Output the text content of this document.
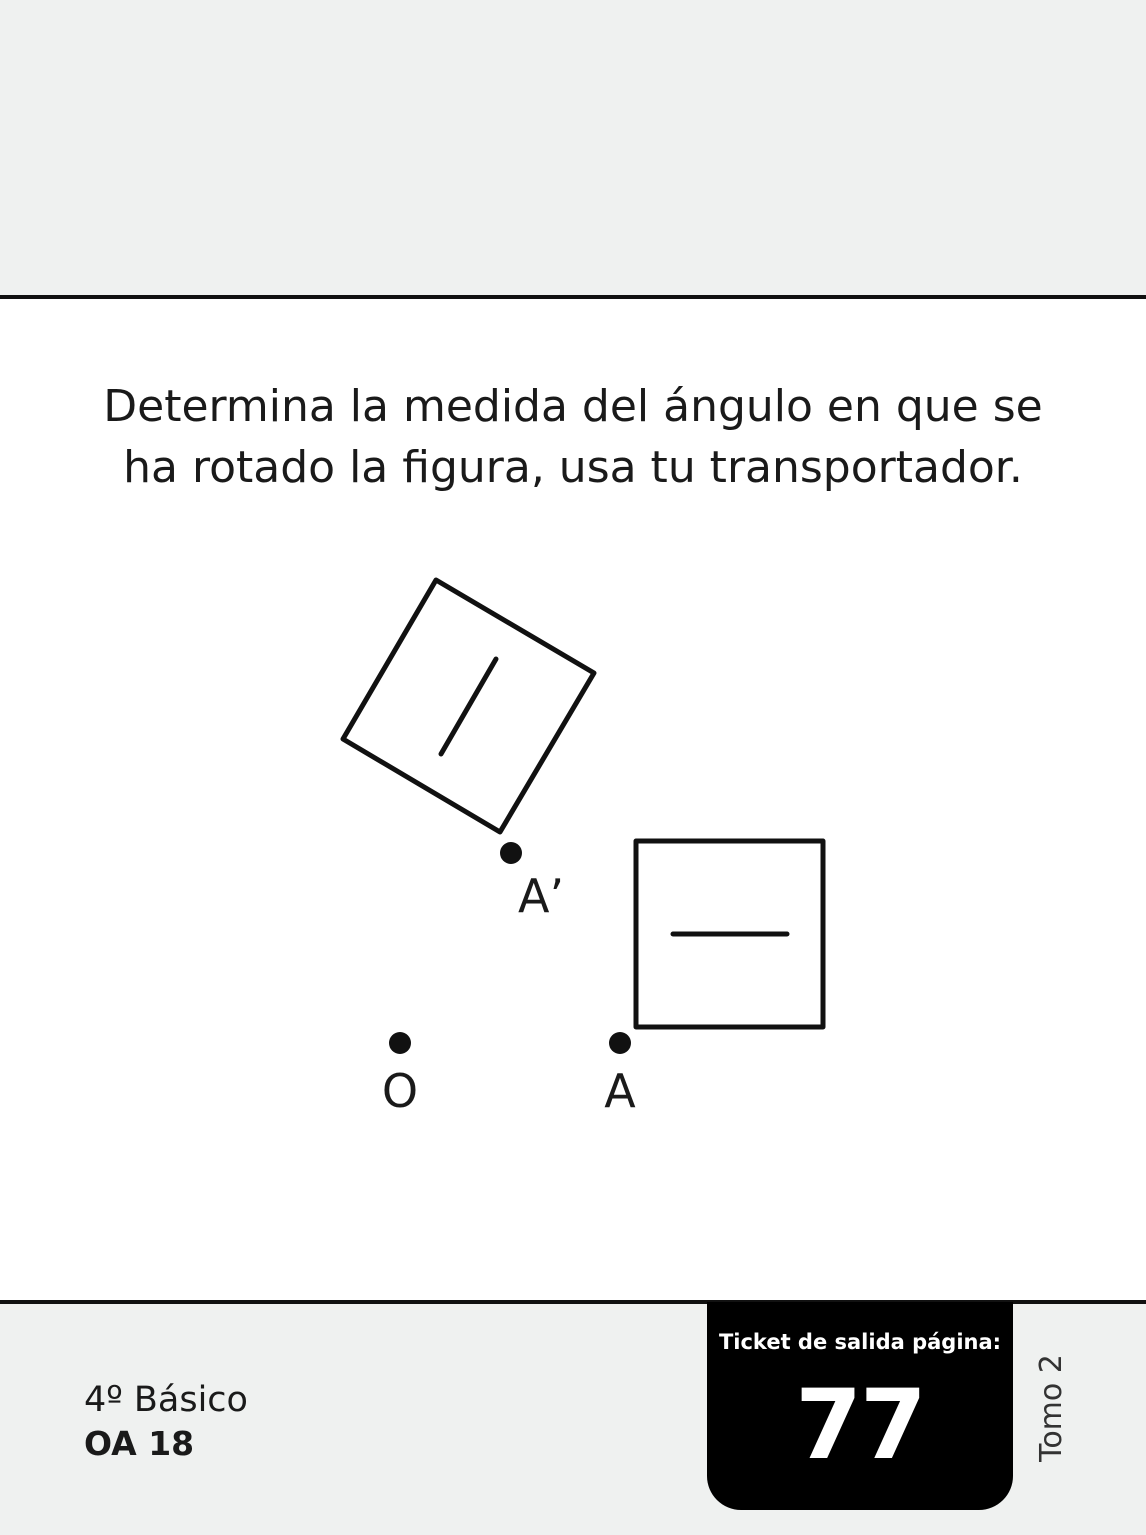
Determina la medida del ángulo en que se
ha rotado la figura, usa tu transportador.
A’
O	A
4º Básico
OA 18
Ticket de salida página:
77	Tomo 2
